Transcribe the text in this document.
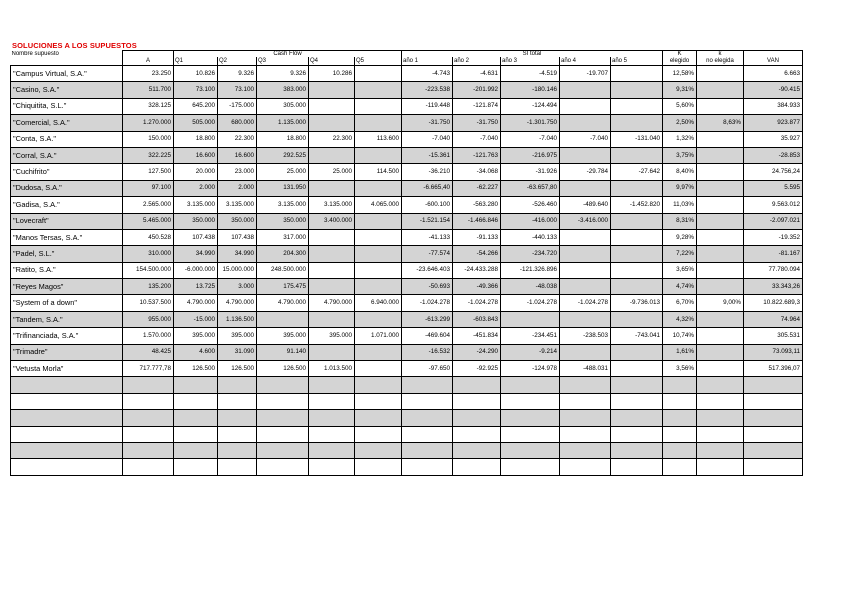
SOLUCIONES A LOS SUPUESTOS
Nombre supuesto		Cash Flow					SI total					K	k	
	A	Q1	Q2	Q3	Q4	Q5	año 1	año 2	año 3	año 4	año 5	elegido	no elegida	VAN
"Campus Virtual, S.A."	23.250	10.826	9.326	9.326	10.286		-4.743	-4.631	-4.519	-19.707		12,58%		6.663
"Casino, S.A."	511.700	73.100	73.100	383.000			-223.538	-201.992	-180.146			9,31%		-90.415
"Chiquitita, S.L."	328.125	645.200	-175.000	305.000			-119.448	-121.874	-124.494			5,60%		384.933
"Comercial, S.A."	1.270.000	505.000	680.000	1.135.000			-31.750	-31.750	-1.301.750			2,50%	8,63%	923.877
"Conta, S.A."	150.000	18.800	22.300	18.800	22.300	113.600	-7.040	-7.040	-7.040	-7.040	-131.040	1,32%		35.927
"Corral, S.A."	322.225	16.600	16.600	292.525			-15.361	-121.763	-216.975			3,75%		-28.853
"Cuchifrito"	127.500	20.000	23.000	25.000	25.000	114.500	-36.210	-34.068	-31.926	-29.784	-27.642	8,40%		24.756,24
"Dudosa, S.A."	97.100	2.000	2.000	131.950			-6.665,40	-62.227	-63.657,80			9,97%		5.595
"Gadisa, S.A."	2.565.000	3.135.000	3.135.000	3.135.000	3.135.000	4.065.000	-600.100	-563.280	-526.460	-489.640	-1.452.820	11,03%		9.563.012
"Lovecraft"	5.465.000	350.000	350.000	350.000	3.400.000		-1.521.154	-1.466.846	-416.000	-3.416.000		8,31%		-2.097.021
"Manos Tersas, S.A."	450.528	107.438	107.438	317.000			-41.133	-91.133	-440.133			9,28%		-19.352
"Padel, S.L."	310.000	34.990	34.990	204.300			-77.574	-54.266	-234.720			7,22%		-81.167
"Ratito, S.A."	154.500.000	-6.000.000	15.000.000	248.500.000			-23.646.403	-24.433.288	-121.326.896			3,65%		77.780.094
"Reyes Magos"	135.200	13.725	3.000	175.475			-50.693	-49.366	-48.038			4,74%		33.343,26
"System of a down"	10.537.500	4.790.000	4.790.000	4.790.000	4.790.000	6.940.000	-1.024.278	-1.024.278	-1.024.278	-1.024.278	-9.736.013	6,70%	9,00%	10.822.689,3
"Tandem, S.A."	955.000	-15.000	1.136.500				-613.299	-603.843				4,32%		74.964
"Trifinanciada, S.A."	1.570.000	395.000	395.000	395.000	395.000	1.071.000	-469.604	-451.834	-234.451	-238.503	-743.041	10,74%		305.531
"Trimadre"	48.425	4.600	31.090	91.140			-16.532	-24.290	-9.214			1,61%		73.093,11
"Vetusta Morla"	717.777,78	126.500	126.500	126.500	1.013.500		-97.650	-92.925	-124.978	-488.031		3,56%		517.396,07
